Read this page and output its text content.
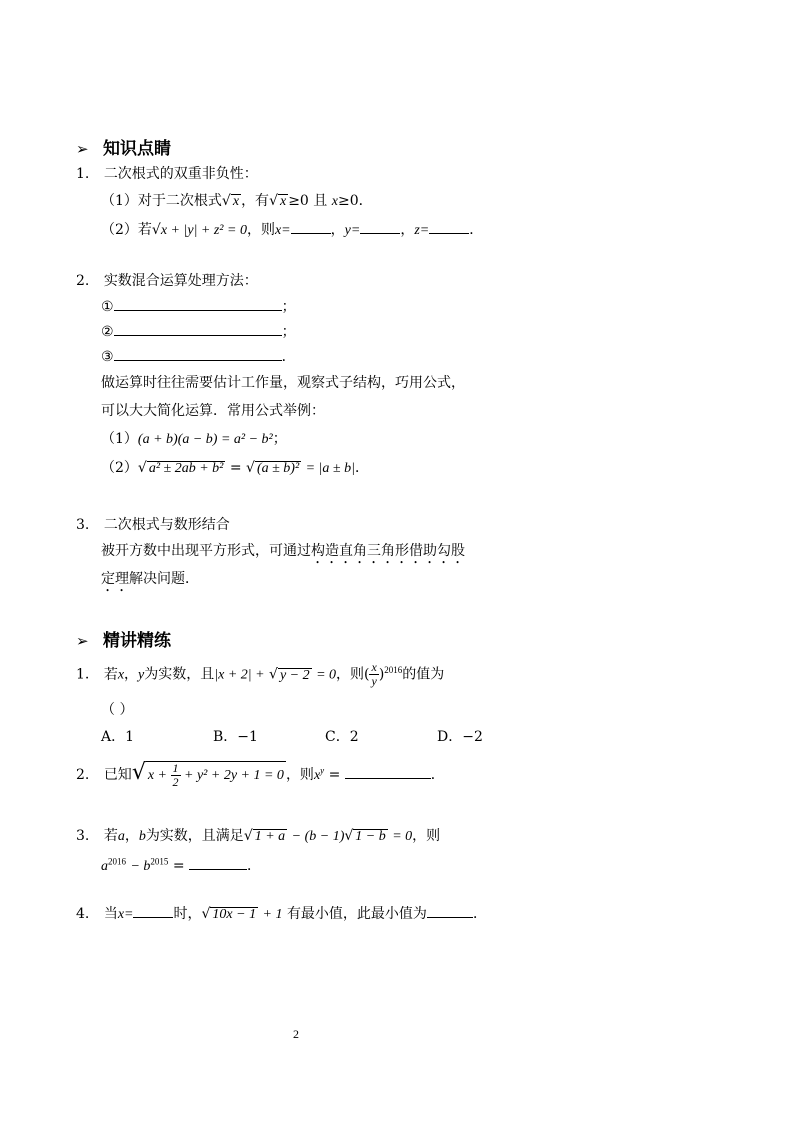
➢ 知识点睛
1. 二次根式的双重非负性：
（1）对于二次根式√ x ，有√ x ≥0 且 x≥0．
（2）若√x + |y| + z² = 0，则x=	，y=	，z=	．
2. 实数混合运算处理方法：
①	；
②	；
③	．
做运算时往往需要估计工作量，观察式子结构，巧用公式，
可以大大简化运算．常用公式举例：
（1）(a + b)(a − b) = a² − b²；
（2）√ a² ± 2ab + b² = √ (a ± b)² = |a ± b|．
3. 二次根式与数形结合
被开方数中出现平方形式，可通过构造直角三角形借助勾股
定理解决问题．
➢ 精讲精练
1. 若x，y为实数，且|x + 2| + √ y − 2 = 0，则( $\frac{x}{y} )^{2016}$的值为
（ ）
A．1	B．−1	C．2	D．−2
2. 已知√ $x + \frac{1}{2} + y^2 + 2y + 1 = 0$ ，则$x^y$ =	．
3. 若a，b为实数，且满足√ 1 + a − (b − 1)√ 1 − b = 0，则
$a^{2016} - b^{2015}$ =	．
4. 当x=	时，√ 10x − 1 + 1 有最小值，此最小值为	．
2
